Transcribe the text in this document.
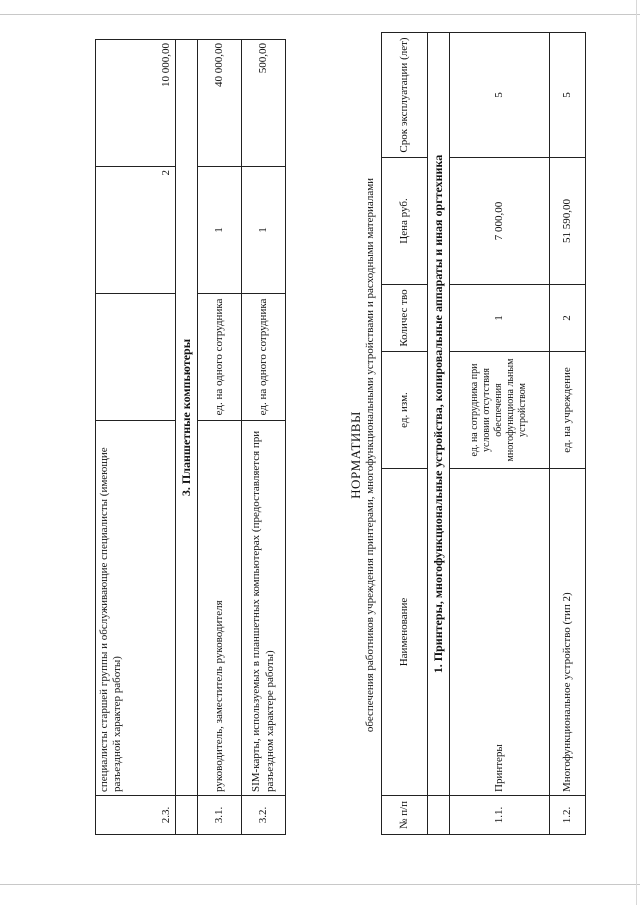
2.3.	специалисты старшей группы и обслуживающие специалисты (имеющие разъездной характер работы)		2	10 000,00
	3. Планшетные компьютеры			
3.1.	руководитель, заместитель руководителя	ед. на одного сотрудника	1	40 000,00
3.2.	SIM-карты, используемых в планшетных компьютерах (предоставляется при разъездном характере работы)	ед. на одного сотрудника	1	500,00
НОРМАТИВЫ обеспечения работников учреждения принтерами, многофункциональными устройствами и расходными материалами
№ п/п	Наименование	ед. изм.	Количес тво	Цена руб.	Срок эксплуатации (лет)
	1. Принтеры, многофункциональные устройства, копировальные аппараты и иная оргтехника				
1.1.	Принтеры	ед. на сотрудника при условии отсутствия обеспечения многофункциона льным устройством	1	7 000,00	5
1.2.	Многофункциональное устройство (тип 2)	ед. на учреждение	2	51 590,00	5
